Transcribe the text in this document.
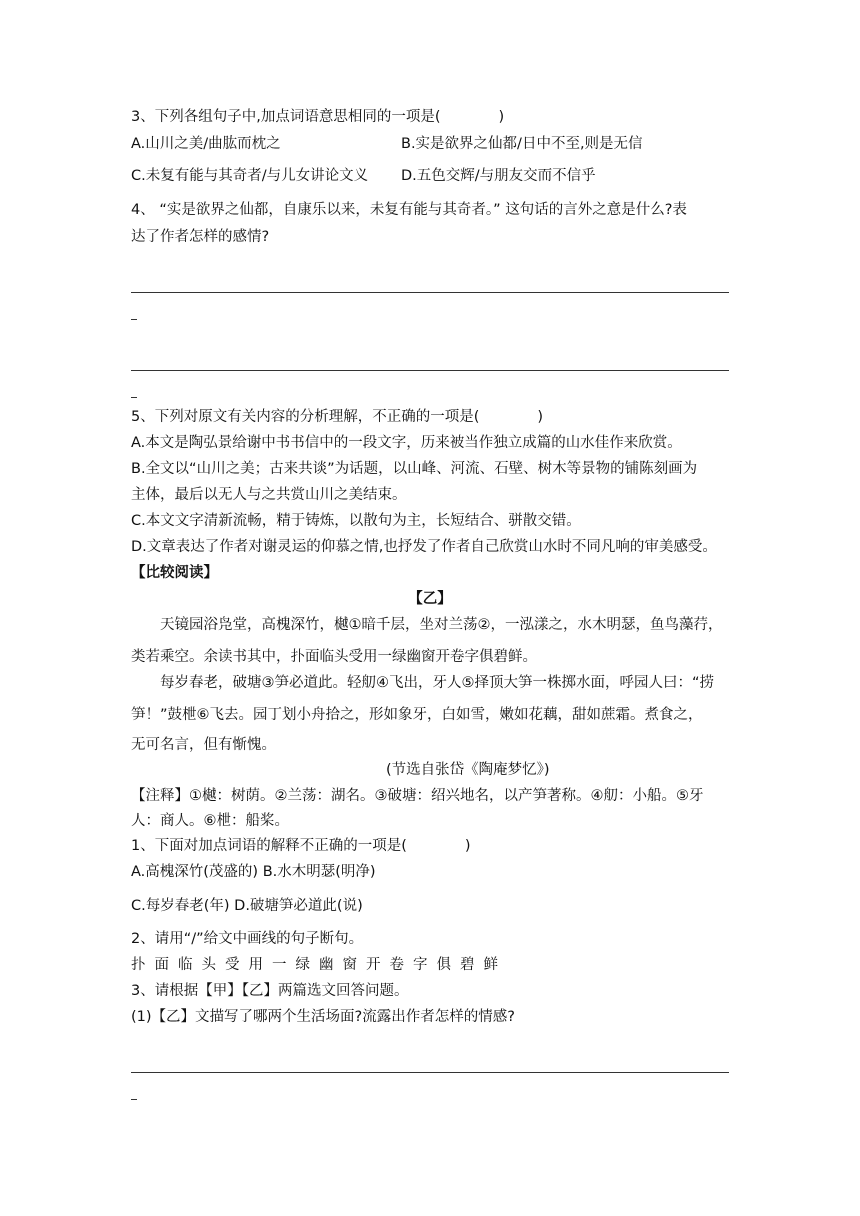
3、下列各组句子中,加点词语意思相同的一项是(　　　　)
A.山川之美/曲肱而枕之	B.实是欲界之仙都/日中不至,则是无信
C.未复有能与其奇者/与儿女讲论文义 D.五色交辉/与朋友交而不信乎
4、 “实是欲界之仙都，自康乐以来，未复有能与其奇者。” 这句话的言外之意是什么?表
达了作者怎样的感情?
5、下列对原文有关内容的分析理解，不正确的一项是(　　　　)
A.本文是陶弘景给谢中书书信中的一段文字，历来被当作独立成篇的山水佳作来欣赏。
B.全文以“山川之美；古来共谈”为话题，以山峰、河流、石壁、树木等景物的铺陈刻画为
主体，最后以无人与之共赏山川之美结束。
C.本文文字清新流畅，精于铸炼，以散句为主，长短结合、骈散交错。
D.文章表达了作者对谢灵运的仰慕之情,也抒发了作者自己欣赏山水时不同凡响的审美感受。
【比较阅读】
【乙】
天镜园浴凫堂，高槐深竹，樾①暗千层，坐对兰荡②，一泓漾之，水木明瑟，鱼鸟藻荇，
类若乘空。余读书其中，扑面临头受用一绿幽窗开卷字俱碧鲜。
每岁春老，破塘③笋必道此。轻舠④飞出，牙人⑤择顶大笋一株掷水面，呼园人曰：“捞
笋！”鼓枻⑥飞去。园丁划小舟拾之，形如象牙，白如雪，嫩如花藕，甜如蔗霜。煮食之，
无可名言，但有惭愧。
(节选自张岱《陶庵梦忆》)
【注释】①樾：树荫。②兰荡：湖名。③破塘：绍兴地名，以产笋著称。④舠：小船。⑤牙
人：商人。⑥枻：船桨。
1、下面对加点词语的解释不正确的一项是(　　　　)
A.高槐深竹(茂盛的) B.水木明瑟(明净)
C.每岁春老(年) D.破塘笋必道此(说)
2、请用“/”给文中画线的句子断句。
扑面临头受用一绿幽窗开卷字俱碧鲜
3、请根据【甲】【乙】两篇选文回答问题。
(1)【乙】文描写了哪两个生活场面?流露出作者怎样的情感?
